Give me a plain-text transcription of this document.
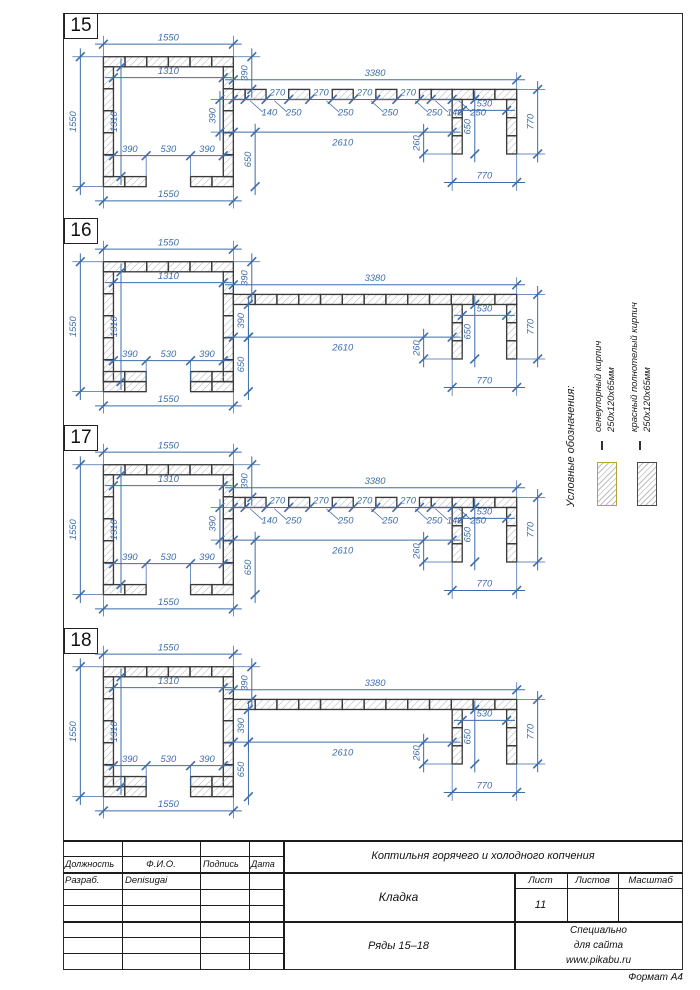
15
1550
1310
1550 1310
390 530 390
1550
390 3380
2610
390
650
260
530
650 770
770
270 270 270 270
140 250 250 250 250 140 250
16
1550
1310
1550 1310
390 530 390
1550
390 3380
2610
390
650
260
530
650 770
770
17 1550
1310
1550 1310
390 530 390
1550
390 3380
2610
390
650
260
530
650 770
770
270 270 270 270
140 250 250 250 250 140 250
18 1550
1310
1550 1310
390 530 390
1550
390 3380
2610
390
650
260
530
650 770
770
Условные обозначения: огнеупорный кирпич 250х120х65мм красный полнотелый кирпич 250х120х65мм
Должность	Ф.И.О.	Подпись	Дата
Разраб.	Denisugai
Коптильня горячего и холодного копчения
Кладка
Ряды 15–18
Лист	Листов	Масштаб
11
Специально
для сайта
www.pikabu.ru
Формат А4
